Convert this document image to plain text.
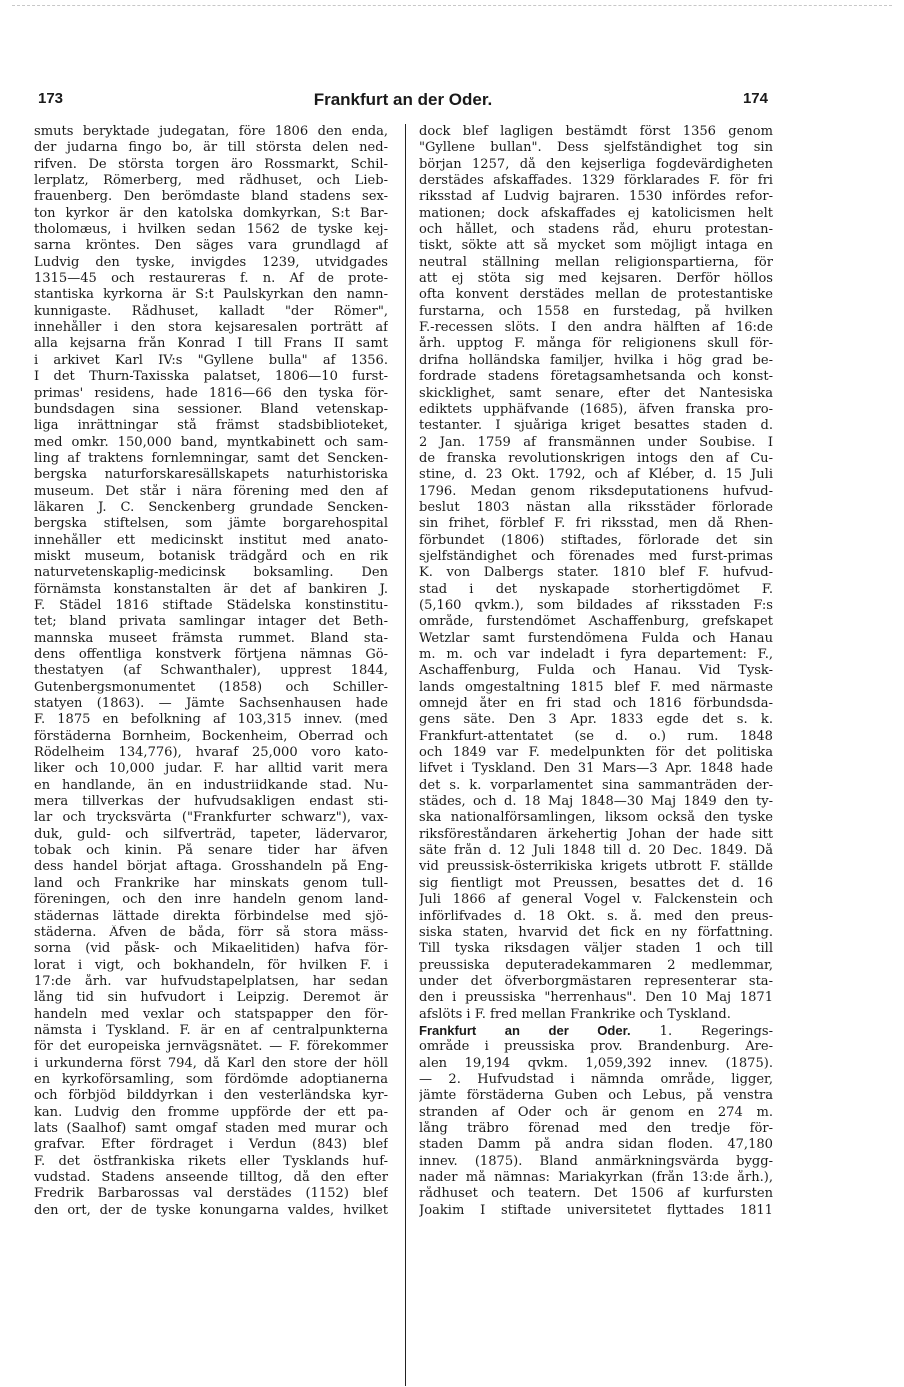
173	Frankfurt an der Oder.	174
smuts beryktade judegatan, före 1806 den enda,
der judarna fingo bo, är till största delen ned-
rifven. De största torgen äro Rossmarkt, Schil-
lerplatz, Römerberg, med rådhuset, och Lieb-
frauenberg. Den berömdaste bland stadens sex-
ton kyrkor är den katolska domkyrkan, S:t Bar-
tholomæus, i hvilken sedan 1562 de tyske kej-
sarna kröntes. Den säges vara grundlagd af
Ludvig den tyske, invigdes 1239, utvidgades
1315—45 och restaureras f. n. Af de prote-
stantiska kyrkorna är S:t Paulskyrkan den namn-
kunnigaste. Rådhuset, kalladt "der Römer",
innehåller i den stora kejsaresalen porträtt af
alla kejsarna från Konrad I till Frans II samt
i arkivet Karl IV:s "Gyllene bulla" af 1356.
I det Thurn-Taxisska palatset, 1806—10 furst-
primas' residens, hade 1816—66 den tyska för-
bundsdagen sina sessioner. Bland vetenskap-
liga inrättningar stå främst stadsbiblioteket,
med omkr. 150,000 band, myntkabinett och sam-
ling af traktens fornlemningar, samt det Sencken-
bergska naturforskaresällskapets naturhistoriska
museum. Det står i nära förening med den af
läkaren J. C. Senckenberg grundade Sencken-
bergska stiftelsen, som jämte borgarehospital
innehåller ett medicinskt institut med anato-
miskt museum, botanisk trädgård och en rik
naturvetenskaplig-medicinsk boksamling. Den
förnämsta konstanstalten är det af bankiren J.
F. Städel 1816 stiftade Städelska konstinstitu-
tet; bland privata samlingar intager det Beth-
mannska museet främsta rummet. Bland sta-
dens offentliga konstverk förtjena nämnas Gö-
thestatyen (af Schwanthaler), upprest 1844,
Gutenbergsmonumentet (1858) och Schiller-
statyen (1863). — Jämte Sachsenhausen hade
F. 1875 en befolkning af 103,315 innev. (med
förstäderna Bornheim, Bockenheim, Oberrad och
Rödelheim 134,776), hvaraf 25,000 voro kato-
liker och 10,000 judar. F. har alltid varit mera
en handlande, än en industriidkande stad. Nu-
mera tillverkas der hufvudsakligen endast sti-
lar och trycksvärta ("Frankfurter schwarz"), vax-
duk, guld- och silfverträd, tapeter, lädervaror,
tobak och kinin. På senare tider har äfven
dess handel börjat aftaga. Grosshandeln på Eng-
land och Frankrike har minskats genom tull-
föreningen, och den inre handeln genom land-
städernas lättade direkta förbindelse med sjö-
städerna. Äfven de båda, förr så stora mäss-
sorna (vid påsk- och Mikaelitiden) hafva för-
lorat i vigt, och bokhandeln, för hvilken F. i
17:de årh. var hufvudstapelplatsen, har sedan
lång tid sin hufvudort i Leipzig. Deremot är
handeln med vexlar och statspapper den för-
nämsta i Tyskland. F. är en af centralpunkterna
för det europeiska jernvägsnätet. — F. förekommer
i urkunderna först 794, då Karl den store der höll
en kyrkoförsamling, som fördömde adoptianerna
och förbjöd bilddyrkan i den vesterländska kyr-
kan. Ludvig den fromme uppförde der ett pa-
lats (Saalhof) samt omgaf staden med murar och
grafvar. Efter fördraget i Verdun (843) blef
F. det östfrankiska rikets eller Tysklands huf-
vudstad. Stadens anseende tilltog, då den efter
Fredrik Barbarossas val derstädes (1152) blef
den ort, der de tyske konungarna valdes, hvilket
dock blef lagligen bestämdt först 1356 genom
"Gyllene bullan". Dess sjelfständighet tog sin
början 1257, då den kejserliga fogdevärdigheten
derstädes afskaffades. 1329 förklarades F. för fri
riksstad af Ludvig bajraren. 1530 infördes refor-
mationen; dock afskaffades ej katolicismen helt
och hållet, och stadens råd, ehuru protestan-
tiskt, sökte att så mycket som möjligt intaga en
neutral ställning mellan religionspartierna, för
att ej stöta sig med kejsaren. Derför höllos
ofta konvent derstädes mellan de protestantiske
furstarna, och 1558 en furstedag, på hvilken
F.-recessen slöts. I den andra hälften af 16:de
årh. upptog F. många för religionens skull för-
drifna holländska familjer, hvilka i hög grad be-
fordrade stadens företagsamhetsanda och konst-
skicklighet, samt senare, efter det Nantesiska
ediktets upphäfvande (1685), äfven franska pro-
testanter. I sjuåriga kriget besattes staden d.
2 Jan. 1759 af fransmännen under Soubise. I
de franska revolutionskrigen intogs den af Cu-
stine, d. 23 Okt. 1792, och af Kléber, d. 15 Juli
1796. Medan genom riksdeputationens hufvud-
beslut 1803 nästan alla riksstäder förlorade
sin frihet, förblef F. fri riksstad, men då Rhen-
förbundet (1806) stiftades, förlorade det sin
sjelfständighet och förenades med furst-primas
K. von Dalbergs stater. 1810 blef F. hufvud-
stad i det nyskapade storhertigdömet F.
(5,160 qvkm.), som bildades af riksstaden F:s
område, furstendömet Aschaffenburg, grefskapet
Wetzlar samt furstendömena Fulda och Hanau
m. m. och var indeladt i fyra departement: F.,
Aschaffenburg, Fulda och Hanau. Vid Tysk-
lands omgestaltning 1815 blef F. med närmaste
omnejd åter en fri stad och 1816 förbundsda-
gens säte. Den 3 Apr. 1833 egde det s. k.
Frankfurt-attentatet (se d. o.) rum. 1848
och 1849 var F. medelpunkten för det politiska
lifvet i Tyskland. Den 31 Mars—3 Apr. 1848 hade
det s. k. vorparlamentet sina sammanträden der-
städes, och d. 18 Maj 1848—30 Maj 1849 den ty-
ska nationalförsamlingen, liksom också den tyske
riksföreståndaren ärkehertig Johan der hade sitt
säte från d. 12 Juli 1848 till d. 20 Dec. 1849. Då
vid preussisk-österrikiska krigets utbrott F. ställde
sig fientligt mot Preussen, besattes det d. 16
Juli 1866 af general Vogel v. Falckenstein och
införlifvades d. 18 Okt. s. å. med den preus-
siska staten, hvarvid det fick en ny författning.
Till tyska riksdagen väljer staden 1 och till
preussiska deputeradekammaren 2 medlemmar,
under det öfverborgmästaren representerar sta-
den i preussiska "herrenhaus". Den 10 Maj 1871
afslöts i F. fred mellan Frankrike och Tyskland.
Frankfurt an der Oder. 1. Regerings-
område i preussiska prov. Brandenburg. Are-
alen 19,194 qvkm. 1,059,392 innev. (1875).
— 2. Hufvudstad i nämnda område, ligger,
jämte förstäderna Guben och Lebus, på venstra
stranden af Oder och är genom en 274 m.
lång träbro förenad med den tredje för-
staden Damm på andra sidan floden. 47,180
innev. (1875). Bland anmärkningsvärda bygg-
nader må nämnas: Mariakyrkan (från 13:de årh.),
rådhuset och teatern. Det 1506 af kurfursten
Joakim I stiftade universitetet flyttades 1811
